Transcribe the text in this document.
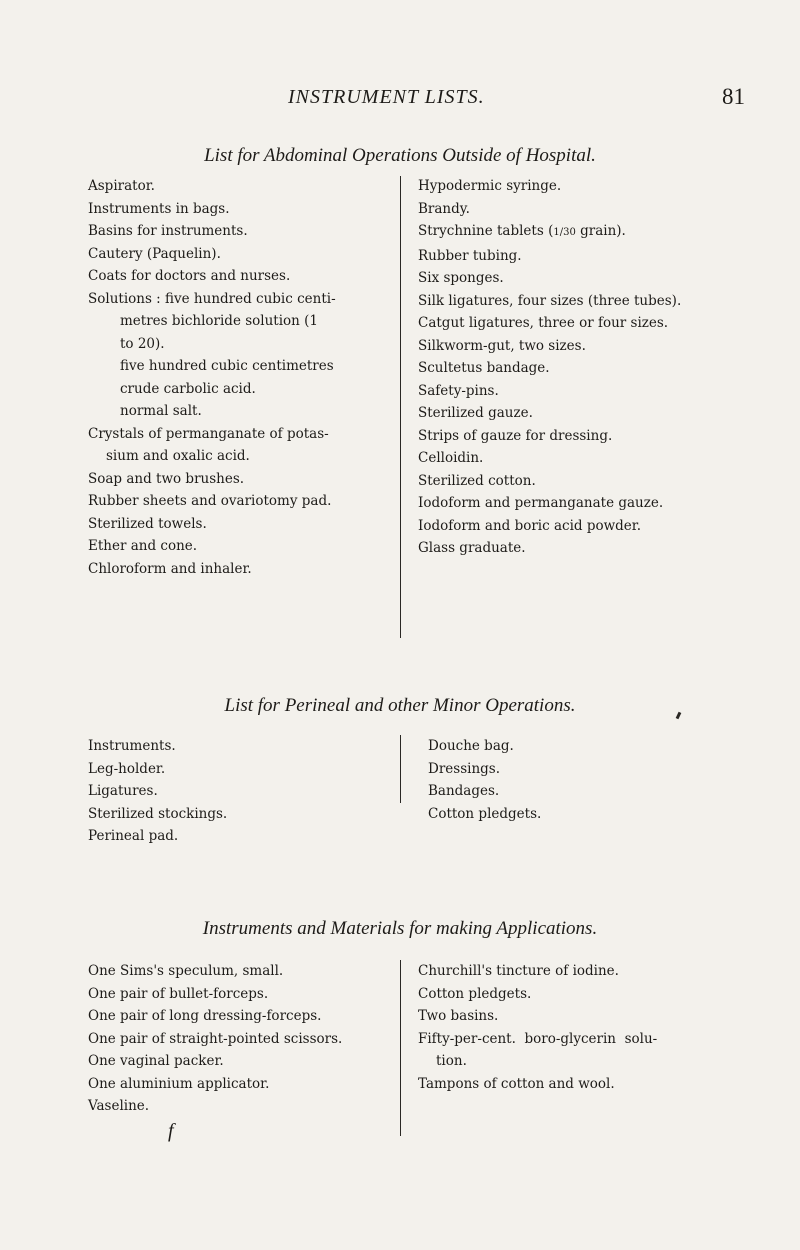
INSTRUMENT LISTS.	81
List for Abdominal Operations Outside of Hospital.
Aspirator.
Instruments in bags.
Basins for instruments.
Cautery (Paquelin).
Coats for doctors and nurses.
Solutions : five hundred cubic centi-
metres bichloride solution (1
to 20).
five hundred cubic centimetres
crude carbolic acid.
normal salt.
Crystals of permanganate of potas-
sium and oxalic acid.
Soap and two brushes.
Rubber sheets and ovariotomy pad.
Sterilized towels.
Ether and cone.
Chloroform and inhaler.
Hypodermic syringe.
Brandy.
Strychnine tablets (1/30 grain).
Rubber tubing.
Six sponges.
Silk ligatures, four sizes (three tubes).
Catgut ligatures, three or four sizes.
Silkworm-gut, two sizes.
Scultetus bandage.
Safety-pins.
Sterilized gauze.
Strips of gauze for dressing.
Celloidin.
Sterilized cotton.
Iodoform and permanganate gauze.
Iodoform and boric acid powder.
Glass graduate.
List for Perineal and other Minor Operations.
Instruments.
Leg-holder.
Ligatures.
Sterilized stockings.
Perineal pad.
Douche bag.
Dressings.
Bandages.
Cotton pledgets.
Instruments and Materials for making Applications.
One Sims's speculum, small.
One pair of bullet-forceps.
One pair of long dressing-forceps.
One pair of straight-pointed scissors.
One vaginal packer.
One aluminium applicator.
Vaseline.
f
Churchill's tincture of iodine.
Cotton pledgets.
Two basins.
Fifty-per-cent.  boro-glycerin  solu-
tion.
Tampons of cotton and wool.
